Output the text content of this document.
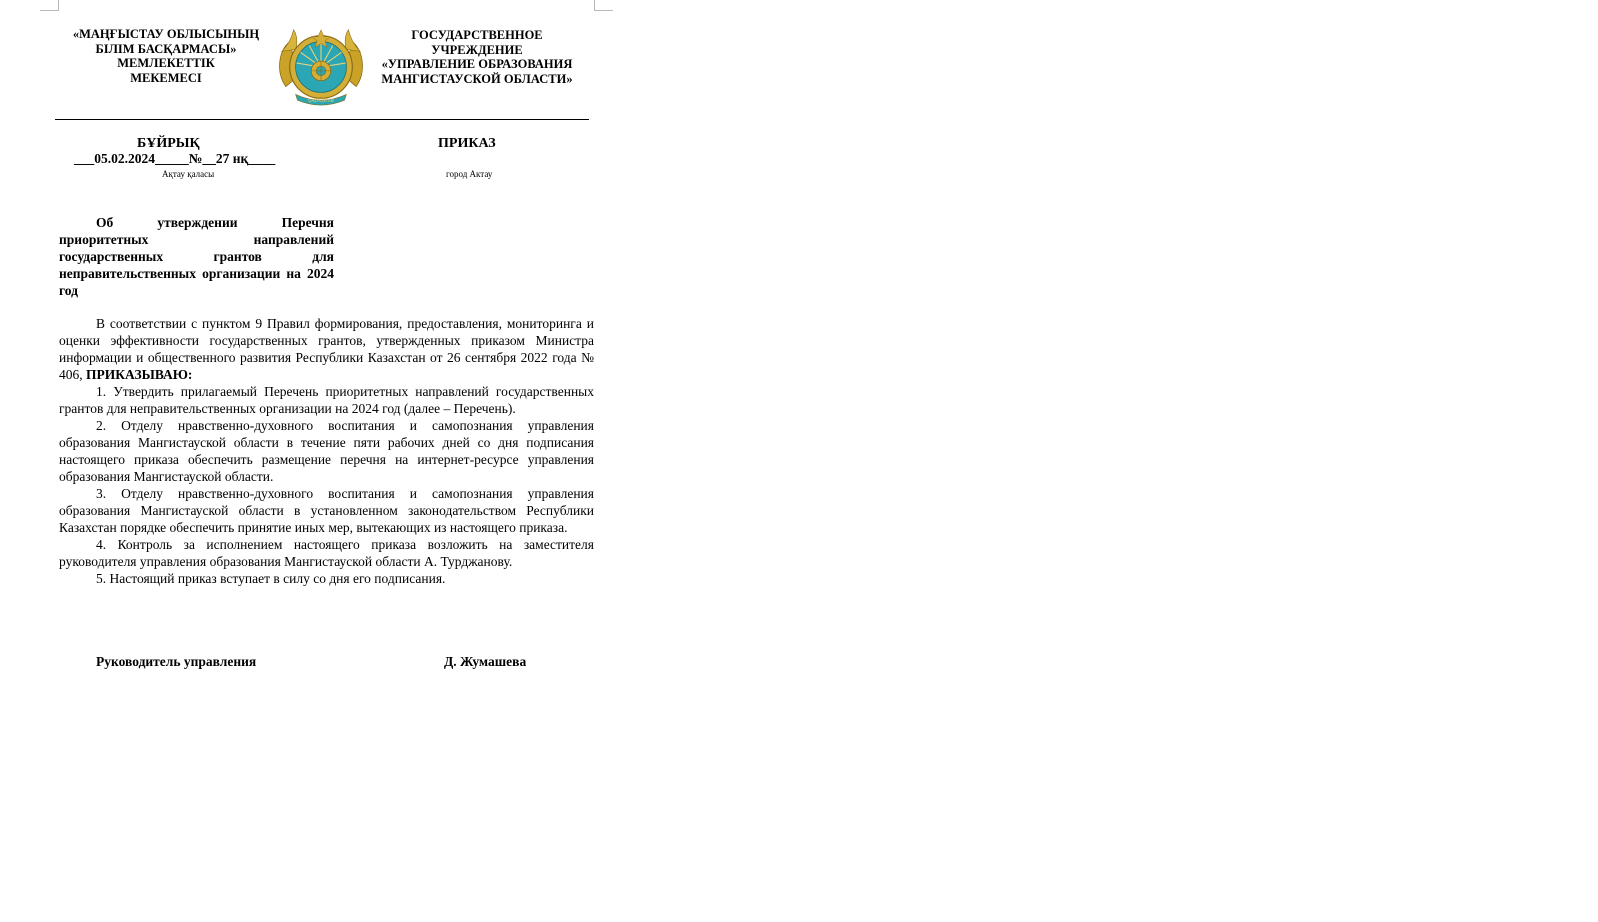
«МАҢҒЫСТАУ ОБЛЫСЫНЫҢ
БІЛІМ БАСҚАРМАСЫ»
МЕМЛЕКЕТТІК
МЕКЕМЕСІ
QAZAQSTAN
ГОСУДАРСТВЕННОЕ
УЧРЕЖДЕНИЕ
«УПРАВЛЕНИЕ ОБРАЗОВАНИЯ
МАНГИСТАУСКОЙ ОБЛАСТИ»
БҰЙРЫҚ	ПРИКАЗ
___05.02.2024_____№__27 нқ____
Ақтау қаласы	город Актау
Об утверждении Перечня приоритетных направлений государственных грантов для неправительственных организации на 2024 год

В соответствии с пунктом 9 Правил формирования, предоставления, мониторинга и оценки эффективности государственных грантов, утвержденных приказом Министра информации и общественного развития Республики Казахстан от 26 сентября 2022 года № 406, ПРИКАЗЫВАЮ:

1. Утвердить прилагаемый Перечень приоритетных направлений государственных грантов для неправительственных организации на 2024 год (далее – Перечень).

2. Отделу нравственно-духовного воспитания и самопознания управления образования Мангистауской области в течение пяти рабочих дней со дня подписания настоящего приказа обеспечить размещение перечня на интернет-ресурсе управления образования Мангистауской области.

3. Отделу нравственно-духовного воспитания и самопознания управления образования Мангистауской области в установленном законодательством Республики Казахстан порядке обеспечить принятие иных мер, вытекающих из настоящего приказа.

4. Контроль за исполнением настоящего приказа возложить на заместителя руководителя управления образования Мангистауской области А. Турджанову.

5. Настоящий приказ вступает в силу со дня его подписания.

Руководитель управления	Д. Жумашева
